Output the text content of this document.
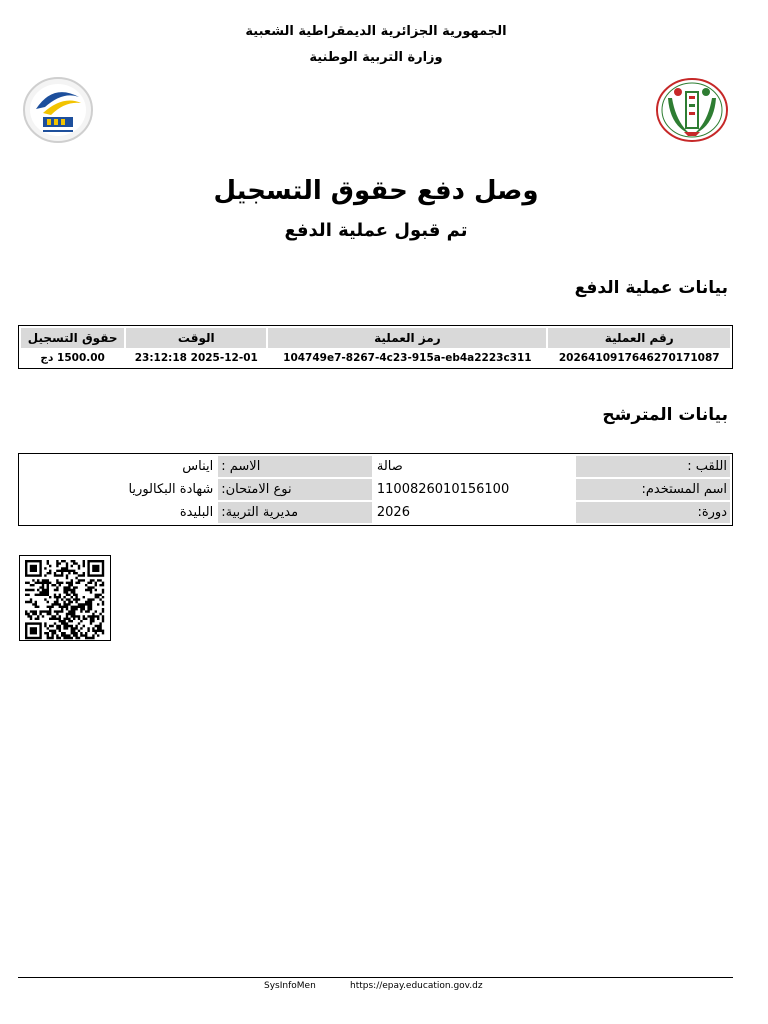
الجمهورية الجزائرية الديمقراطية الشعبية
وزارة التربية الوطنية
وصل دفع حقوق التسجيل
تم قبول عملية الدفع
بيانات عملية الدفع
رقم العملية	رمز العملية	الوقت	حقوق التسجيل
20264109176462701710​87	104749e7-8267-4c23-915a-eb4a2223c311	2025-12-01 23:12:18	1500.00 دج
بيانات المترشح
اللقب :	صالة	الاسم :	ايناس
اسم المستخدم:	1100826010156100	نوع الامتحان:	شهادة البكالوريا
دورة:	2026	مديرية التربية:	البليدة
SysInfoMen	https://epay.education.gov.dz
